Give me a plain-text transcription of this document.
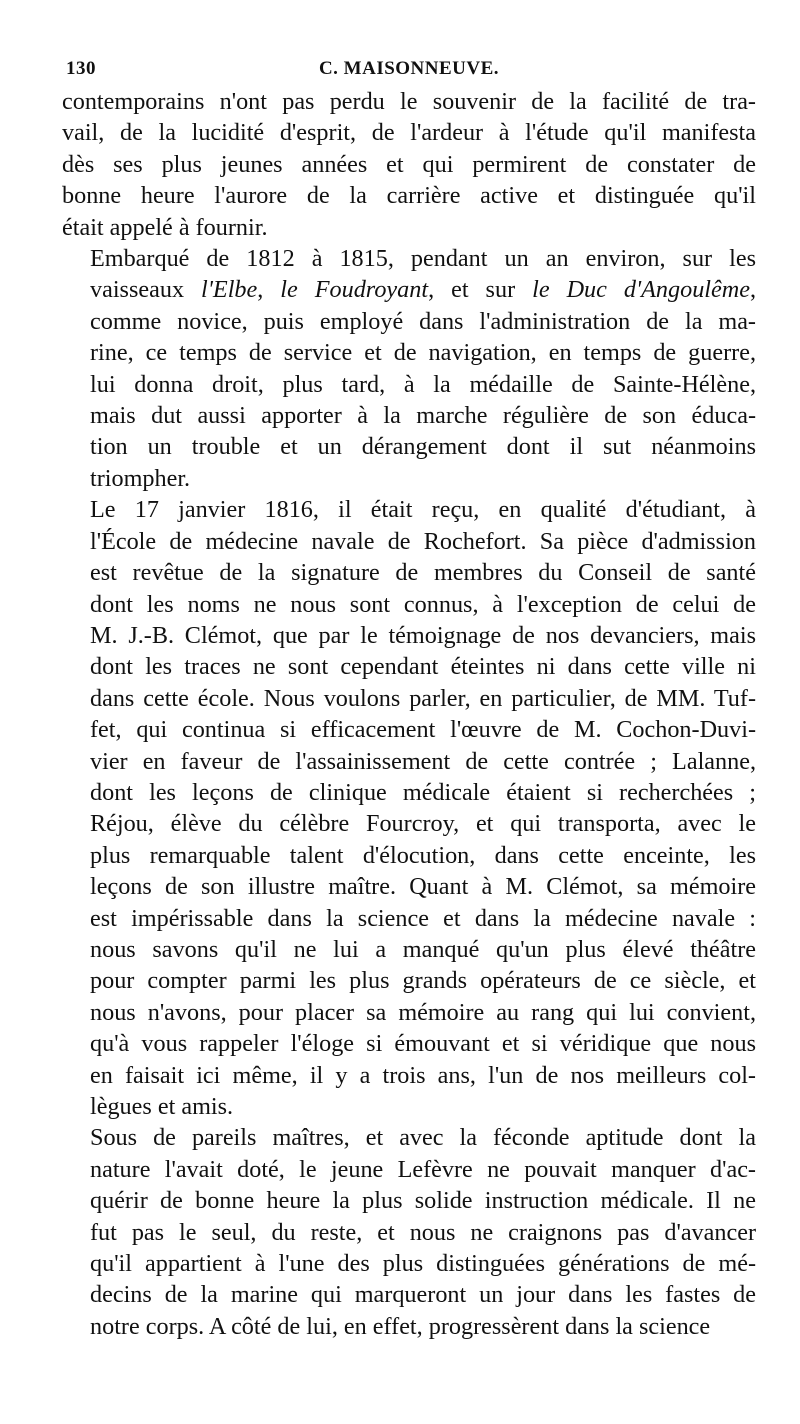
130	C. MAISONNEUVE.

contemporains n'ont pas perdu le souvenir de la facilité de tra-
vail, de la lucidité d'esprit, de l'ardeur à l'étude qu'il manifesta
dès ses plus jeunes années et qui permirent de constater de
bonne heure l'aurore de la carrière active et distinguée qu'il
était appelé à fournir.

Embarqué de 1812 à 1815, pendant un an environ, sur les
vaisseaux l'Elbe, le Foudroyant, et sur le Duc d'Angoulême,
comme novice, puis employé dans l'administration de la ma-
rine, ce temps de service et de navigation, en temps de guerre,
lui donna droit, plus tard, à la médaille de Sainte-Hélène,
mais dut aussi apporter à la marche régulière de son éduca-
tion un trouble et un dérangement dont il sut néanmoins
triompher.

Le 17 janvier 1816, il était reçu, en qualité d'étudiant, à
l'École de médecine navale de Rochefort. Sa pièce d'admission
est revêtue de la signature de membres du Conseil de santé
dont les noms ne nous sont connus, à l'exception de celui de
M. J.-B. Clémot, que par le témoignage de nos devanciers, mais
dont les traces ne sont cependant éteintes ni dans cette ville ni
dans cette école. Nous voulons parler, en particulier, de MM. Tuf-
fet, qui continua si efficacement l'œuvre de M. Cochon-Duvi-
vier en faveur de l'assainissement de cette contrée ; Lalanne,
dont les leçons de clinique médicale étaient si recherchées ;
Réjou, élève du célèbre Fourcroy, et qui transporta, avec le
plus remarquable talent d'élocution, dans cette enceinte, les
leçons de son illustre maître. Quant à M. Clémot, sa mémoire
est impérissable dans la science et dans la médecine navale :
nous savons qu'il ne lui a manqué qu'un plus élevé théâtre
pour compter parmi les plus grands opérateurs de ce siècle, et
nous n'avons, pour placer sa mémoire au rang qui lui convient,
qu'à vous rappeler l'éloge si émouvant et si véridique que nous
en faisait ici même, il y a trois ans, l'un de nos meilleurs col-
lègues et amis.

Sous de pareils maîtres, et avec la féconde aptitude dont la
nature l'avait doté, le jeune Lefèvre ne pouvait manquer d'ac-
quérir de bonne heure la plus solide instruction médicale. Il ne
fut pas le seul, du reste, et nous ne craignons pas d'avancer
qu'il appartient à l'une des plus distinguées générations de mé-
decins de la marine qui marqueront un jour dans les fastes de
notre corps. A côté de lui, en effet, progressèrent dans la science
